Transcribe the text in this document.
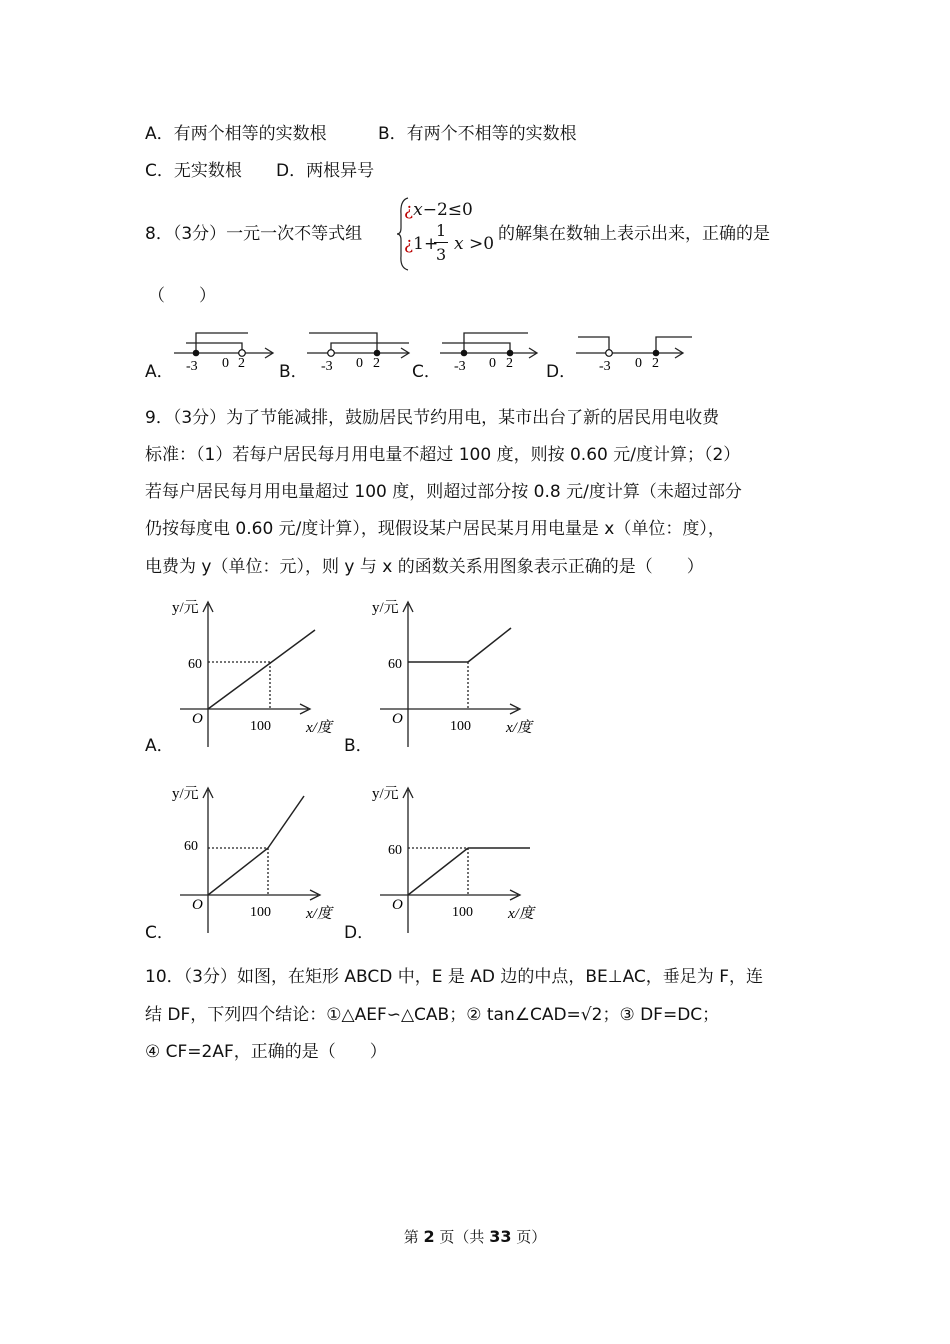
A．有两个相等的实数根	B．有两个不相等的实数根
C．无实数根 D．两根异号
8．（3分）一元一次不等式组
¿x−2≤0
¿1+
1
3
x >0 的解集在数轴上表示出来，正确的是
（　　）
A． -3 0 2 B． -3 0 2 C． -3 0 2 D． -3 0 2
9．（3分）为了节能减排，鼓励居民节约用电，某市出台了新的居民用电收费
标准：（1）若每户居民每月用电量不超过 100 度，则按 0.60 元/度计算；（2）
若每户居民每月用电量超过 100 度，则超过部分按 0.8 元/度计算（未超过部分
仍按每度电 0.60 元/度计算），现假设某户居民某月用电量是 x（单位：度），
电费为 y（单位：元），则 y 与 x 的函数关系用图象表示正确的是（　　）
A．
y/元
60
O	100 x/度
B．
y/元
60
O	100 x/度
C．
y/元
60
O	100 x/度
D．
y/元
60
O	100 x/度
10．（3分）如图，在矩形 ABCD 中，E 是 AD 边的中点，BE⊥AC，垂足为 F，连
结 DF，下列四个结论：①△AEF∽△CAB；② tan∠CAD=√2；③ DF=DC；
④ CF=2AF，正确的是（　　）
第 2 页（共 33 页）
